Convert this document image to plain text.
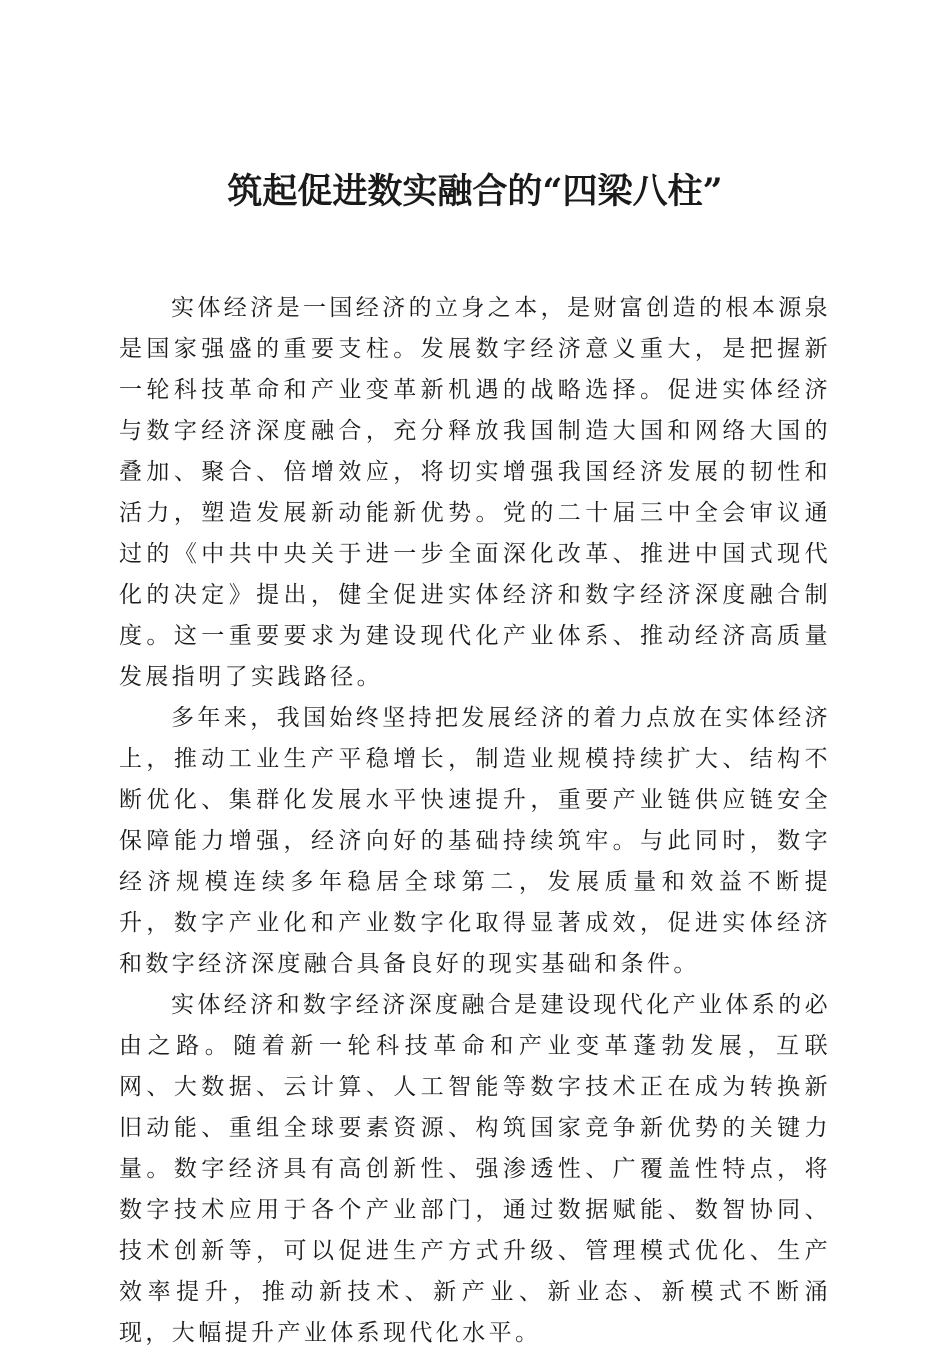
筑起促进数实融合的“四梁八柱”

实体经济是一国经济的立身之本，是财富创造的根本源泉是国家强盛的重要支柱。发展数字经济意义重大，是把握新一轮科技革命和产业变革新机遇的战略选择。促进实体经济与数字经济深度融合，充分释放我国制造大国和网络大国的叠加、聚合、倍增效应，将切实增强我国经济发展的韧性和活力，塑造发展新动能新优势。党的二十届三中全会审议通过的《中共中央关于进一步全面深化改革、推进中国式现代化的决定》提出，健全促进实体经济和数字经济深度融合制度。这一重要要求为建设现代化产业体系、推动经济高质量发展指明了实践路径。

多年来，我国始终坚持把发展经济的着力点放在实体经济上，推动工业生产平稳增长，制造业规模持续扩大、结构不断优化、集群化发展水平快速提升，重要产业链供应链安全保障能力增强，经济向好的基础持续筑牢。与此同时，数字经济规模连续多年稳居全球第二，发展质量和效益不断提升，数字产业化和产业数字化取得显著成效，促进实体经济和数字经济深度融合具备良好的现实基础和条件。

实体经济和数字经济深度融合是建设现代化产业体系的必由之路。随着新一轮科技革命和产业变革蓬勃发展，互联网、大数据、云计算、人工智能等数字技术正在成为转换新旧动能、重组全球要素资源、构筑国家竞争新优势的关键力量。数字经济具有高创新性、强渗透性、广覆盖性特点，将数字技术应用于各个产业部门，通过数据赋能、数智协同、技术创新等，可以促进生产方式升级、管理模式优化、生产效率提升，推动新技术、新产业、新业态、新模式不断涌现，大幅提升产业体系现代化水平。
